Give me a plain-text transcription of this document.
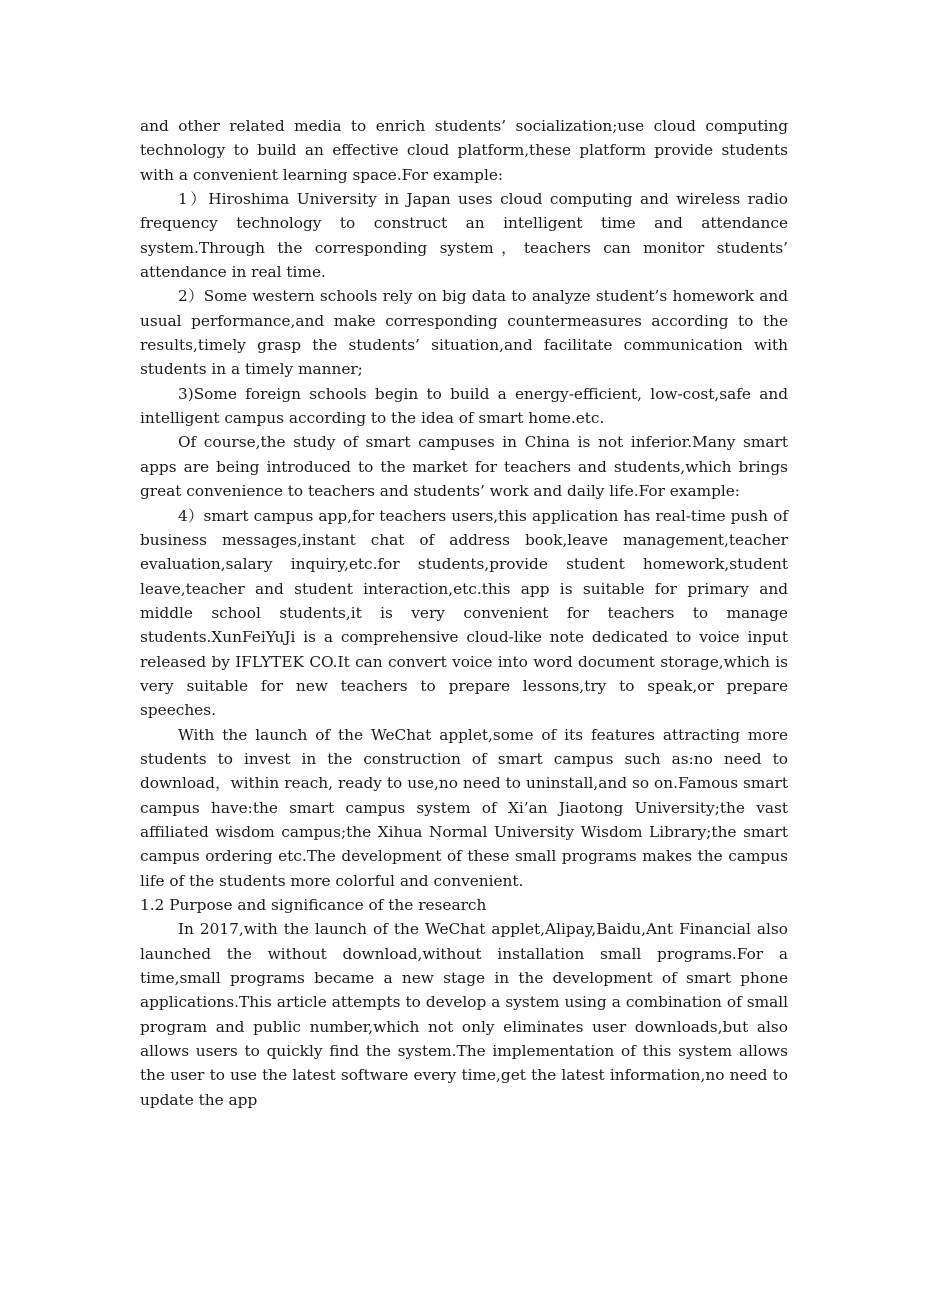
and other related media to enrich students’ socialization;use cloud computing technology to build an effective cloud platform,these platform provide students with a convenient learning space.For example:

1）Hiroshima University in Japan uses cloud computing and wireless radio frequency technology to construct an intelligent time and attendance system.Through the corresponding system，teachers can monitor students’ attendance in real time.

2）Some western schools rely on big data to analyze student’s homework and usual performance,and make corresponding countermeasures according to the results,timely grasp the students’ situation,and facilitate communication with students in a timely manner;

3)Some foreign schools begin to build a energy-efficient, low-cost,safe and intelligent campus according to the idea of smart home.etc.

Of course,the study of smart campuses in China is not inferior.Many smart apps are being introduced to the market for teachers and students,which brings great convenience to teachers and students’ work and daily life.For example:

4）smart campus app,for teachers users,this application has real-time push of business messages,instant chat of address book,leave management,teacher evaluation,salary inquiry,etc.for students,provide student homework,student leave,teacher and student interaction,etc.this app is suitable for primary and middle school students,it is very convenient for teachers to manage students.XunFeiYuJi is a comprehensive cloud-like note dedicated to voice input released by IFLYTEK CO.It can convert voice into word document storage,which is very suitable for new teachers to prepare lessons,try to speak,or prepare speeches.

With the launch of the WeChat applet,some of its features attracting more students to invest in the construction of smart campus such as:no need to download，within reach, ready to use,no need to uninstall,and so on.Famous smart campus have:the smart campus system of Xi’an Jiaotong University;the vast affiliated wisdom campus;the Xihua Normal University Wisdom Library;the smart campus ordering etc.The development of these small programs makes the campus life of the students more colorful and convenient.

1.2 Purpose and significance of the research

In 2017,with the launch of the WeChat applet,Alipay,Baidu,Ant Financial also launched the without download,without installation small programs.For a time,small programs became a new stage in the development of smart phone applications.This article attempts to develop a system using a combination of small program and public number,which not only eliminates user downloads,but also allows users to quickly find the system.The implementation of this system allows the user to use the latest software every time,get the latest information,no need to update the app
